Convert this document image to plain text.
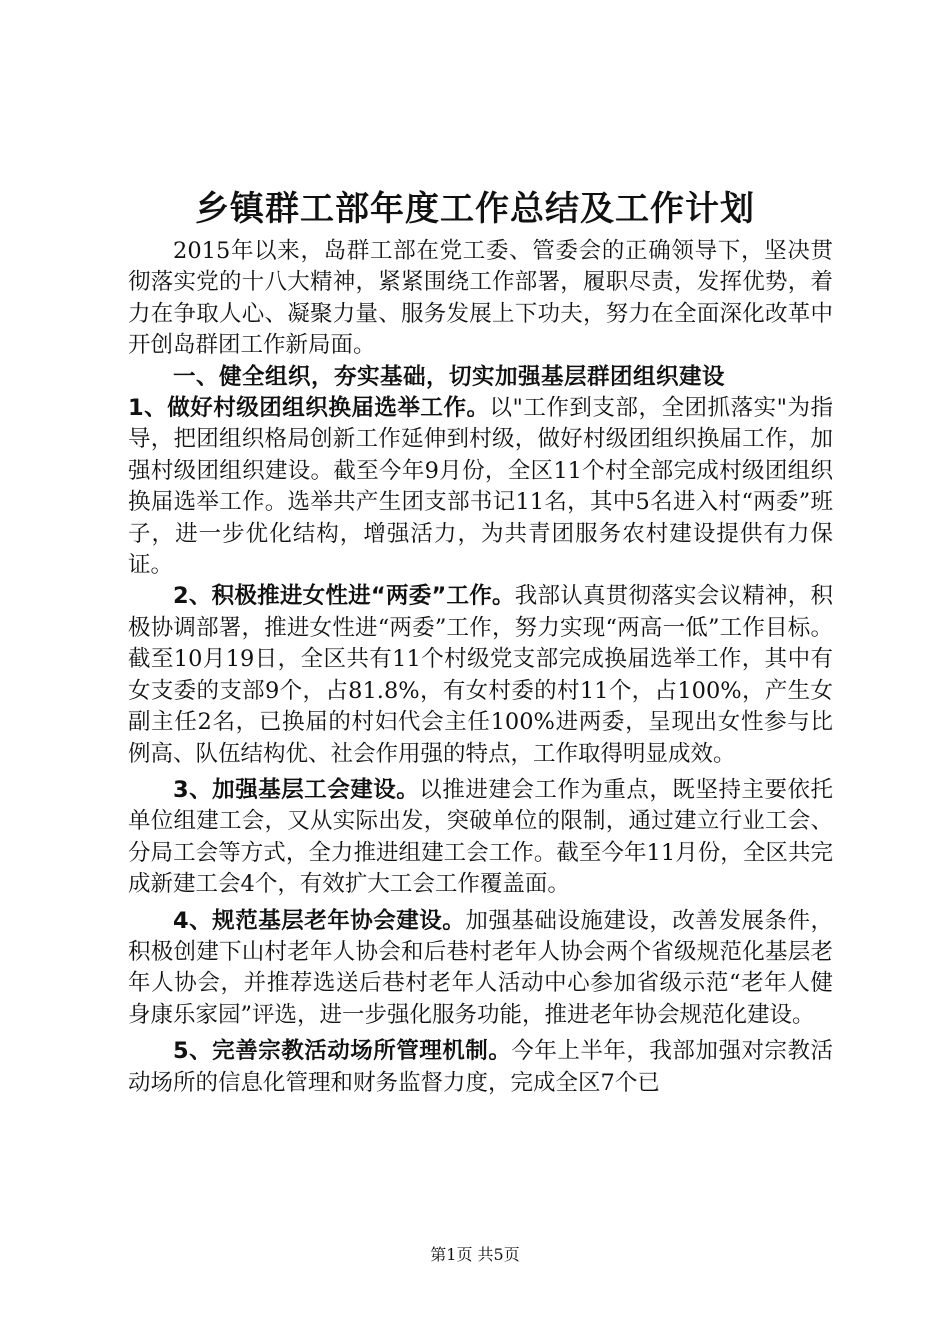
乡镇群工部年度工作总结及工作计划

2015年以来，岛群工部在党工委、管委会的正确领导下，坚决贯彻落实党的十八大精神，紧紧围绕工作部署，履职尽责，发挥优势，着力在争取人心、凝聚力量、服务发展上下功夫，努力在全面深化改革中开创岛群团工作新局面。

一、健全组织，夯实基础，切实加强基层群团组织建设

1、做好村级团组织换届选举工作。以"工作到支部，全团抓落实"为指导，把团组织格局创新工作延伸到村级，做好村级团组织换届工作，加强村级团组织建设。截至今年9月份，全区11个村全部完成村级团组织换届选举工作。选举共产生团支部书记11名，其中5名进入村“两委”班子，进一步优化结构，增强活力，为共青团服务农村建设提供有力保证。

2、积极推进女性进“两委”工作。我部认真贯彻落实会议精神，积极协调部署，推进女性进“两委”工作，努力实现“两高一低”工作目标。截至10月19日，全区共有11个村级党支部完成换届选举工作，其中有女支委的支部9个，占81.8%，有女村委的村11个，占100%，产生女副主任2名，已换届的村妇代会主任100%进两委，呈现出女性参与比例高、队伍结构优、社会作用强的特点，工作取得明显成效。

3、加强基层工会建设。以推进建会工作为重点，既坚持主要依托单位组建工会，又从实际出发，突破单位的限制，通过建立行业工会、分局工会等方式，全力推进组建工会工作。截至今年11月份，全区共完成新建工会4个，有效扩大工会工作覆盖面。

4、规范基层老年协会建设。加强基础设施建设，改善发展条件，积极创建下山村老年人协会和后巷村老年人协会两个省级规范化基层老年人协会，并推荐选送后巷村老年人活动中心参加省级示范“老年人健身康乐家园”评选，进一步强化服务功能，推进老年协会规范化建设。

5、完善宗教活动场所管理机制。今年上半年，我部加强对宗教活动场所的信息化管理和财务监督力度，完成全区7个已

第1页 共5页
